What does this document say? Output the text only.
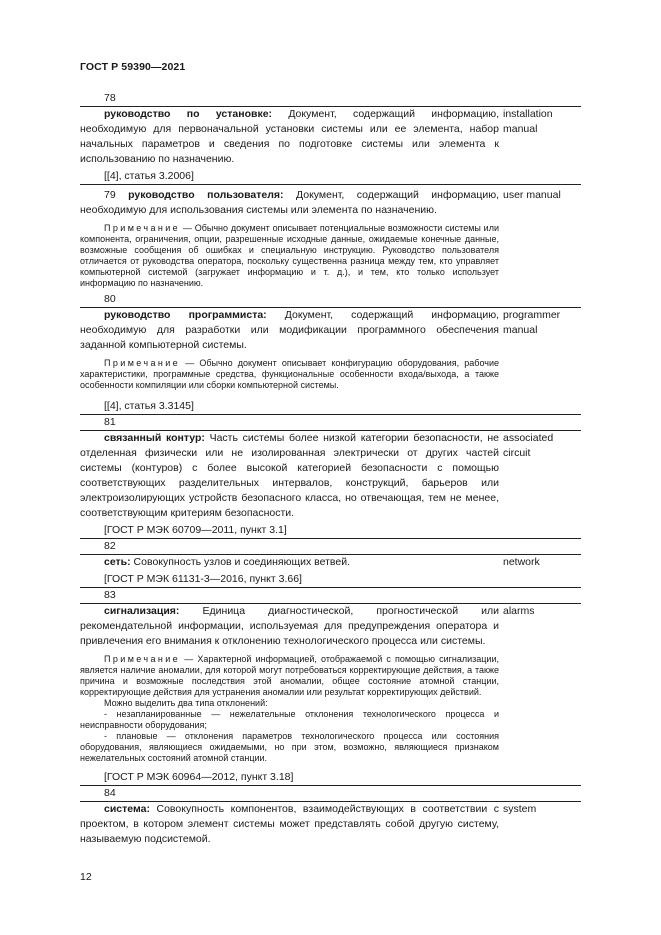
ГОСТ Р 59390—2021
78

руководство по установке: Документ, содержащий информацию, необходимую для первоначальной установки системы или ее элемента, набор начальных параметров и сведения по подготовке системы или элемента к использованию по назначению.

[[4], статья 3.2006]

installation manual

79 руководство пользователя: Документ, содержащий информацию, необходимую для использования системы или элемента по назначению.

Примечание — Обычно документ описывает потенциальные возможности системы или компонента, ограничения, опции, разрешенные исходные данные, ожидаемые конечные данные, возможные сообщения об ошибках и специальную инструкцию. Руководство пользователя отличается от руководства оператора, поскольку существенна разница между тем, кто управляет компьютерной системой (загружает информацию и т. д.), и тем, кто только использует информацию по назначению.

user manual
80

руководство программиста: Документ, содержащий информацию, необходимую для разработки или модификации программного обеспечения заданной компьютерной системы.

Примечание — Обычно документ описывает конфигурацию оборудования, рабочие характеристики, программные средства, функциональные особенности входа/выхода, а также особенности компиляции или сборки компьютерной системы.

[[4], статья 3.3145]

programmer manual
81

связанный контур: Часть системы более низкой категории безопасности, не отделенная физически или не изолированная электрически от других частей системы (контуров) с более высокой категорией безопасности с помощью соответствующих разделительных интервалов, конструкций, барьеров или электроизолирующих устройств безопасного класса, но отвечающая, тем не менее, соответствующим критериям безопасности.

[ГОСТ Р МЭК 60709—2011, пункт 3.1]

associated circuit
82

сеть: Совокупность узлов и соединяющих ветвей.

[ГОСТ Р МЭК 61131-3—2016, пункт 3.66]

network
83

сигнализация: Единица диагностической, прогностической или рекомендательной информации, используемая для предупреждения оператора и привлечения его внимания к отклонению технологического процесса или системы.

Примечание — Характерной информацией, отображаемой с помощью сигнализации, является наличие аномалии, для которой могут потребоваться корректирующие действия, а также причина и возможные последствия этой аномалии, общее состояние атомной станции, корректирующие действия для устранения аномалии или результат корректирующих действий.

Можно выделить два типа отклонений:

- незапланированные — нежелательные отклонения технологического процесса и неисправности оборудования;

- плановые — отклонения параметров технологического процесса или состояния оборудования, являющиеся ожидаемыми, но при этом, возможно, являющиеся признаком нежелательных состояний атомной станции.

[ГОСТ Р МЭК 60964—2012, пункт 3.18]

alarms
84

система: Совокупность компонентов, взаимодействующих в соответствии с проектом, в котором элемент системы может представлять собой другую систему, называемую подсистемой.

system
12
